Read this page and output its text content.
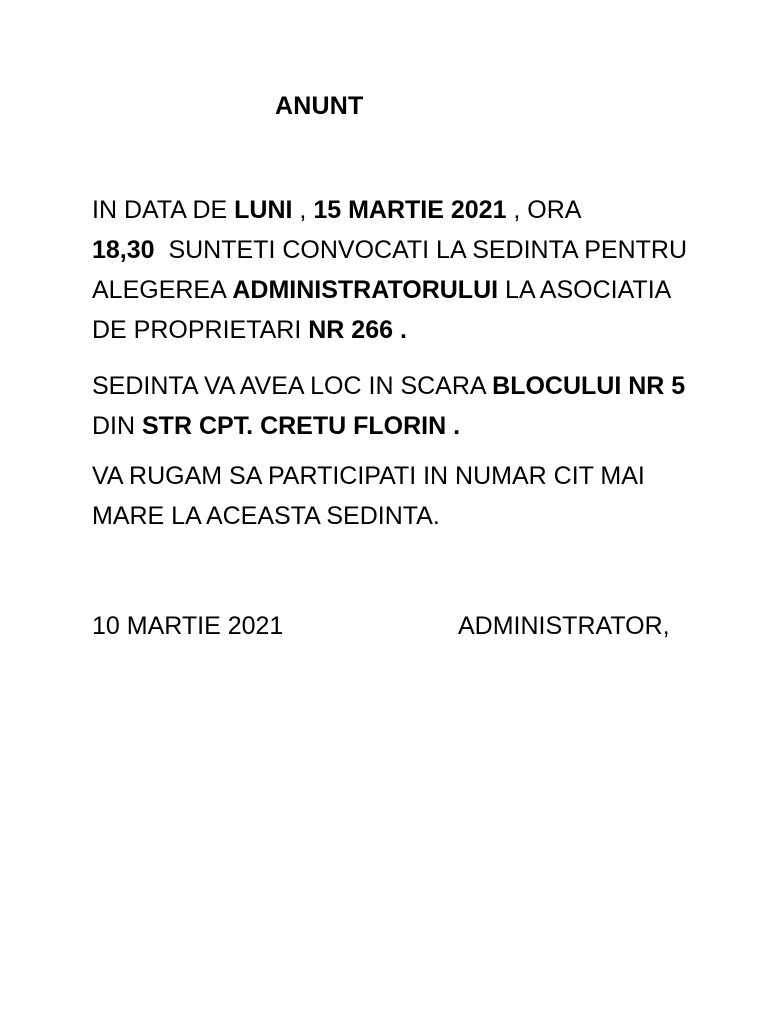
ANUNT

IN DATA DE LUNI , 15 MARTIE 2021 , ORA
18,30  SUNTETI CONVOCATI LA SEDINTA PENTRU ALEGEREA ADMINISTRATORULUI LA ASOCIATIA DE PROPRIETARI NR 266 .

SEDINTA VA AVEA LOC IN SCARA BLOCULUI NR 5 DIN STR CPT. CRETU FLORIN .

VA RUGAM SA PARTICIPATI IN NUMAR CIT MAI MARE LA ACEASTA SEDINTA.

10 MARTIE 2021	ADMINISTRATOR,
